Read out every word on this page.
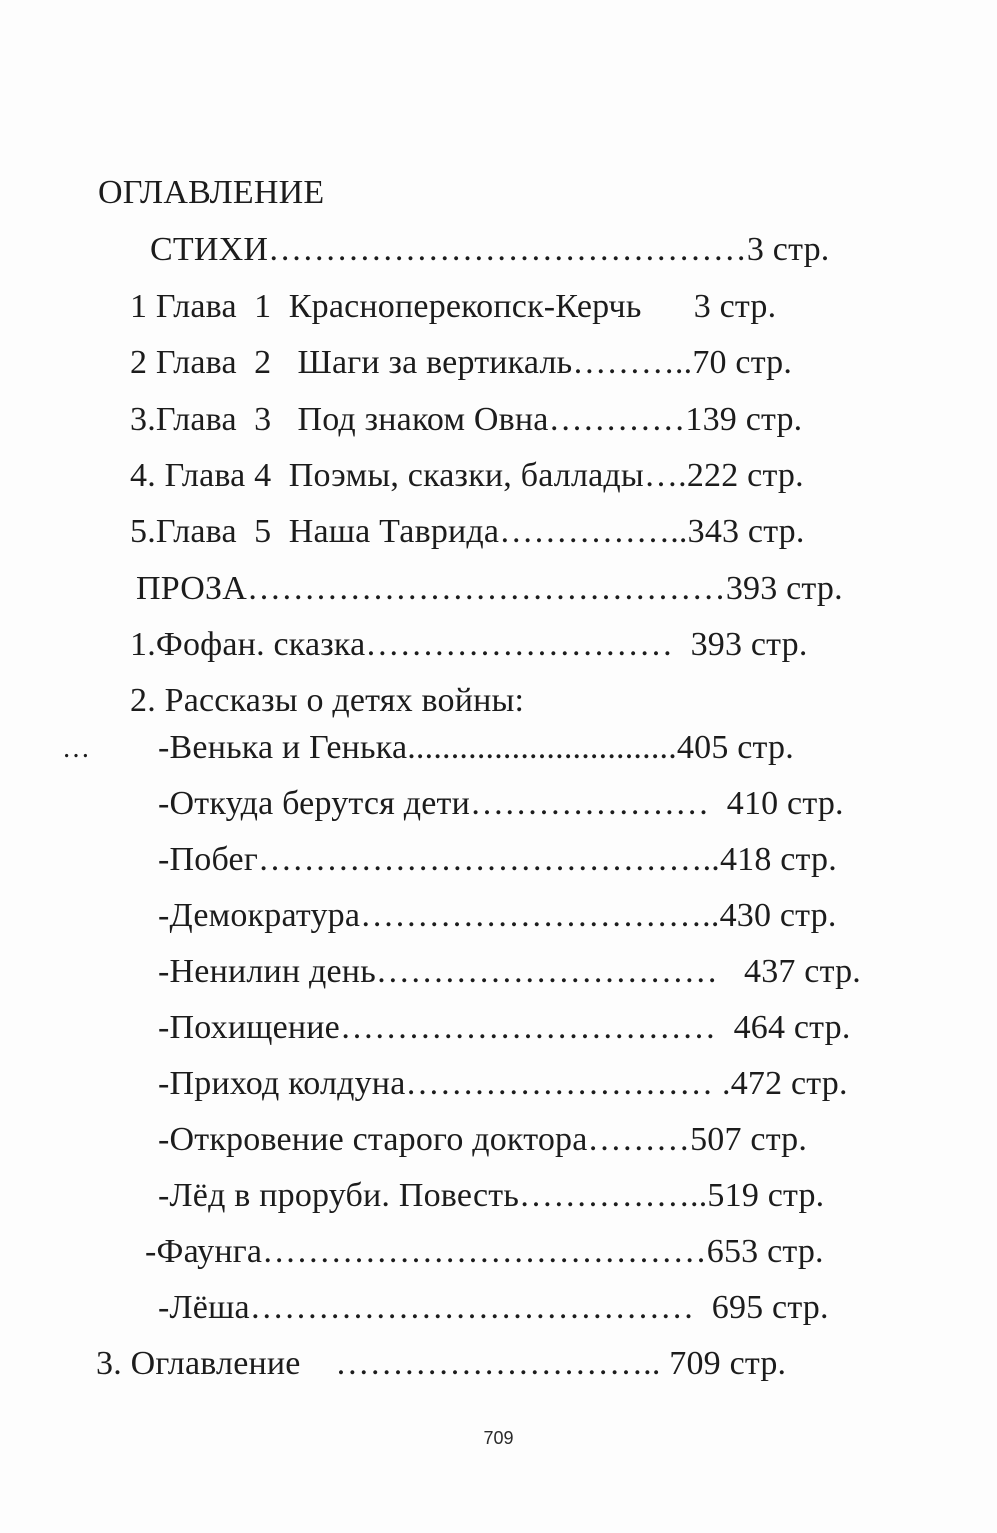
ОГЛАВЛЕНИЕ
СТИХИ……………………………………3 стр.
1 Глава  1  Красноперекопск-Керчь      3 стр.
2 Глава  2   Шаги за вертикаль………..70 стр.
3.Глава  3   Под знаком Овна…………139 стр.
4. Глава 4  Поэмы, сказки, баллады….222 стр.
5.Глава  5  Наша Таврида……………..343 стр.
ПРОЗА……………………………………393 стр.
1.Фофан. сказка………………………  393 стр.
2. Рассказы о детях войны:
… -Венька и Генька...............................405 стр.
-Откуда берутся дети…………………  410 стр.
-Побег…………………………………..418 стр.
-Демократура…………………………..430 стр.
-Ненилин день…………………………   437 стр.
-Похищение……………………………  464 стр.
-Приход колдуна……………………… .472 стр.
-Откровение старого доктора………507 стр.
-Лёд в проруби. Повесть……………..519 стр.
-Фаунга…………………………………653 стр.
-Лёша…………………………………  695 стр.
3. Оглавление    ……………………….. 709 стр.
709
